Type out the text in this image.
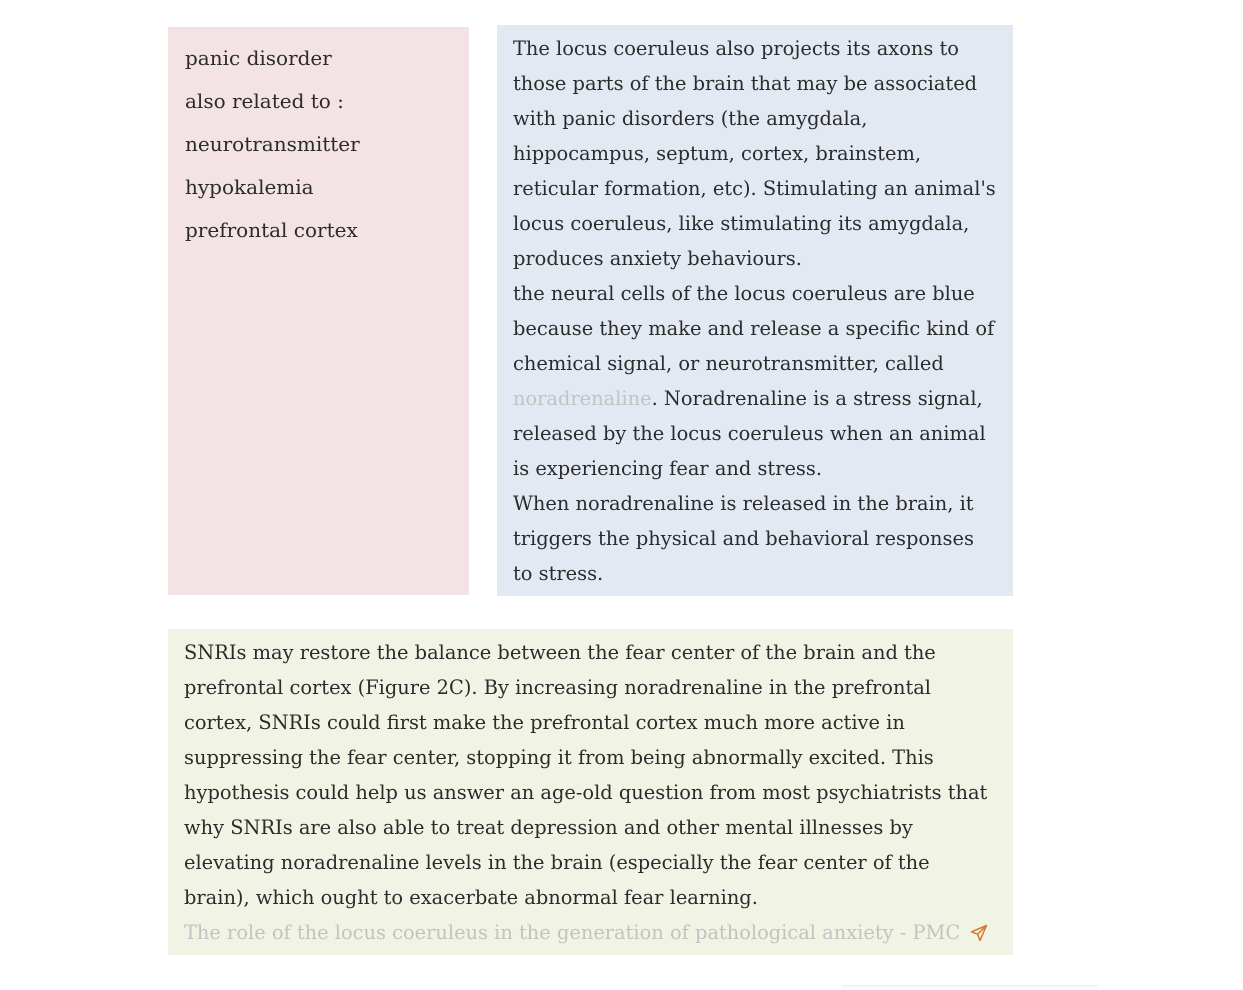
panic disorder
also related to :
neurotransmitter
hypokalemia
prefrontal cortex

The locus coeruleus also projects its axons to those parts of the brain that may be associated with panic disorders (the amygdala, hippocampus, septum, cortex, brainstem, reticular formation, etc). Stimulating an animal's locus coeruleus, like stimulating its amygdala, produces anxiety behaviours.

the neural cells of the locus coeruleus are blue because they make and release a specific kind of chemical signal, or neurotransmitter, called noradrenaline. Noradrenaline is a stress signal, released by the locus coeruleus when an animal is experiencing fear and stress.

When noradrenaline is released in the brain, it triggers the physical and behavioral responses to stress.

SNRIs may restore the balance between the fear center of the brain and the prefrontal cortex (Figure 2C). By increasing noradrenaline in the prefrontal cortex, SNRIs could first make the prefrontal cortex much more active in suppressing the fear center, stopping it from being abnormally excited. This hypothesis could help us answer an age-old question from most psychiatrists that why SNRIs are also able to treat depression and other mental illnesses by elevating noradrenaline levels in the brain (especially the fear center of the brain), which ought to exacerbate abnormal fear learning.

The role of the locus coeruleus in the generation of pathological anxiety - PMC
